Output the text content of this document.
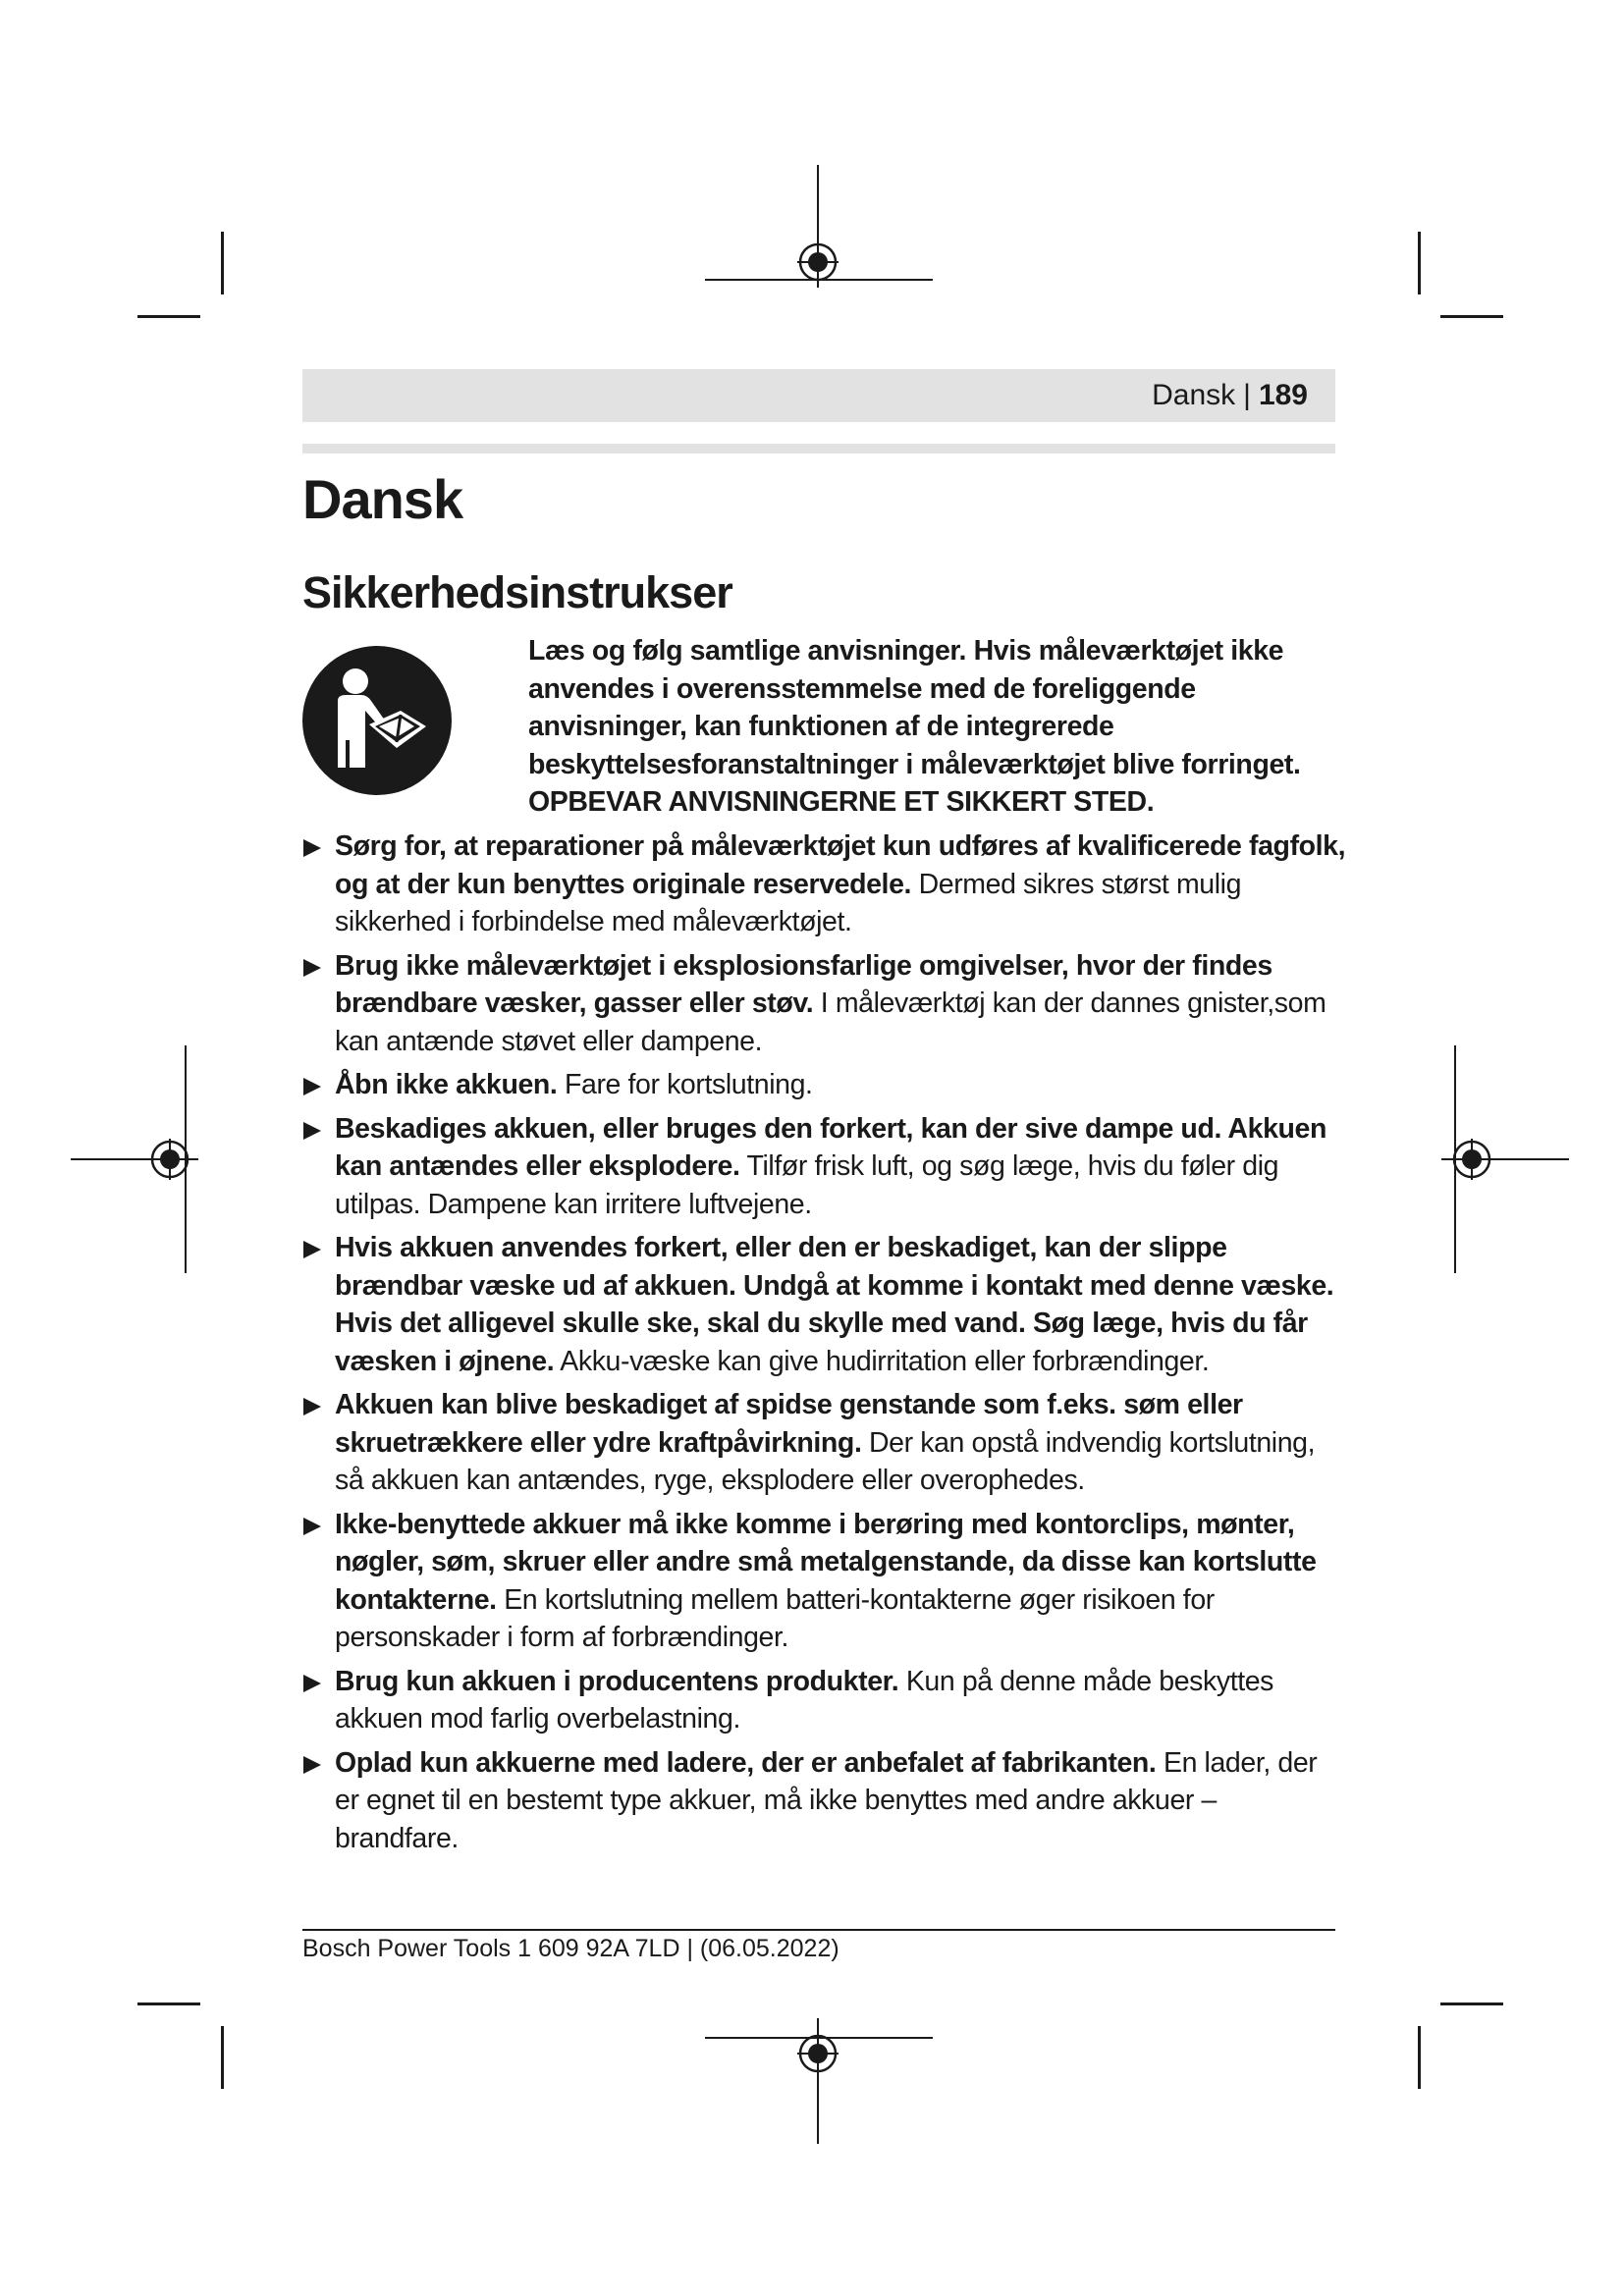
Dansk | 189
Dansk
Sikkerhedsinstrukser

Læs og følg samtlige anvisninger. Hvis måleværktøjet ikke anvendes i overensstemmelse med de foreliggende anvisninger, kan funktionen af de integrerede beskyttelsesforanstaltninger i måleværktøjet blive forringet. OPBEVAR ANVISNINGERNE ET SIKKERT STED.

Sørg for, at reparationer på måleværktøjet kun udføres af kvalificerede fagfolk, og at der kun benyttes originale reservedele. Dermed sikres størst mulig sikkerhed i forbindelse med måleværktøjet.
Brug ikke måleværktøjet i eksplosionsfarlige omgivelser, hvor der findes brændbare væsker, gasser eller støv. I måleværktøj kan der dannes gnister,som kan antænde støvet eller dampene.
Åbn ikke akkuen. Fare for kortslutning.
Beskadiges akkuen, eller bruges den forkert, kan der sive dampe ud. Akkuen kan antændes eller eksplodere. Tilfør frisk luft, og søg læge, hvis du føler dig utilpas. Dampene kan irritere luftvejene.
Hvis akkuen anvendes forkert, eller den er beskadiget, kan der slippe brændbar væske ud af akkuen. Undgå at komme i kontakt med denne væske. Hvis det alligevel skulle ske, skal du skylle med vand. Søg læge, hvis du får væsken i øjnene. Akku-væske kan give hudirritation eller forbrændinger.
Akkuen kan blive beskadiget af spidse genstande som f.eks. søm eller skruetrækkere eller ydre kraftpåvirkning. Der kan opstå indvendig kortslutning, så akkuen kan antændes, ryge, eksplodere eller overophedes.
Ikke-benyttede akkuer må ikke komme i berøring med kontorclips, mønter, nøgler, søm, skruer eller andre små metalgenstande, da disse kan kortslutte kontakterne. En kortslutning mellem batteri-kontakterne øger risikoen for personskader i form af forbrændinger.
Brug kun akkuen i producentens produkter. Kun på denne måde beskyttes akkuen mod farlig overbelastning.
Oplad kun akkuerne med ladere, der er anbefalet af fabrikanten. En lader, der er egnet til en bestemt type akkuer, må ikke benyttes med andre akkuer – brandfare.
Bosch Power Tools 1 609 92A 7LD | (06.05.2022)
